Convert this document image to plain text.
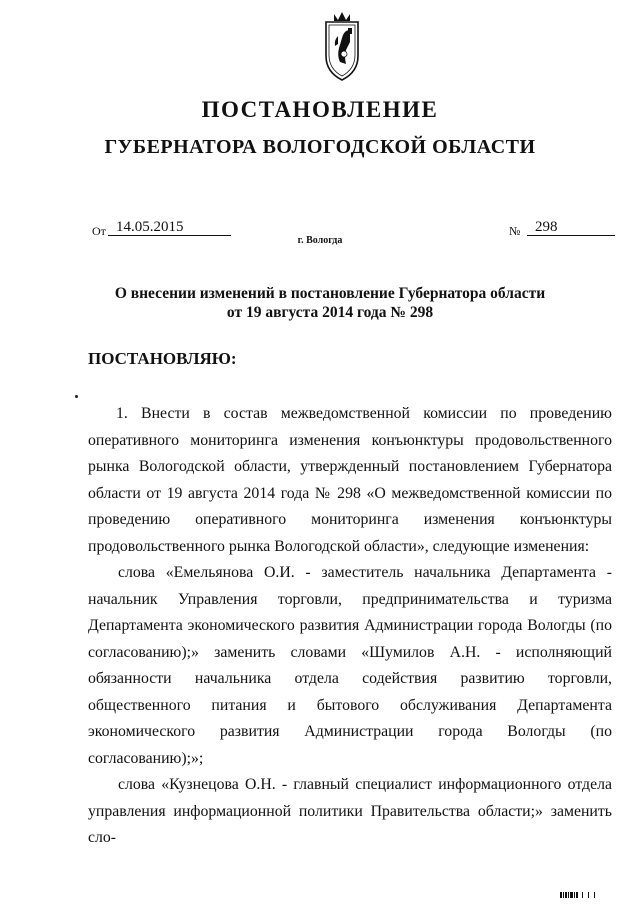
ПОСТАНОВЛЕНИЕ
ГУБЕРНАТОРА ВОЛОГОДСКОЙ ОБЛАСТИ
От 14.05.2015	№ 298
г. Вологда
О внесении изменений в постановление Губернатора области
от 19 августа 2014 года № 298
ПОСТАНОВЛЯЮ:

1. Внести в состав межведомственной комиссии по проведению оперативного мониторинга изменения конъюнктуры продовольственного рынка Вологодской области, утвержденный постановлением Губернатора области от 19 августа 2014 года № 298 «О межведомственной комиссии по проведению оперативного мониторинга изменения конъюнктуры продовольственного рынка Вологодской области», следующие изменения:

слова «Емельянова О.И. - заместитель начальника Департамента - начальник Управления торговли, предпринимательства и туризма Департамента экономического развития Администрации города Вологды (по согласованию);» заменить словами «Шумилов А.Н. - исполняющий обязанности начальника отдела содействия развитию торговли, общественного питания и бытового обслуживания Департамента экономического развития Администрации города Вологды (по согласованию);»;

слова «Кузнецова О.Н. - главный специалист информационного отдела управления информационной политики Правительства области;» заменить сло-
